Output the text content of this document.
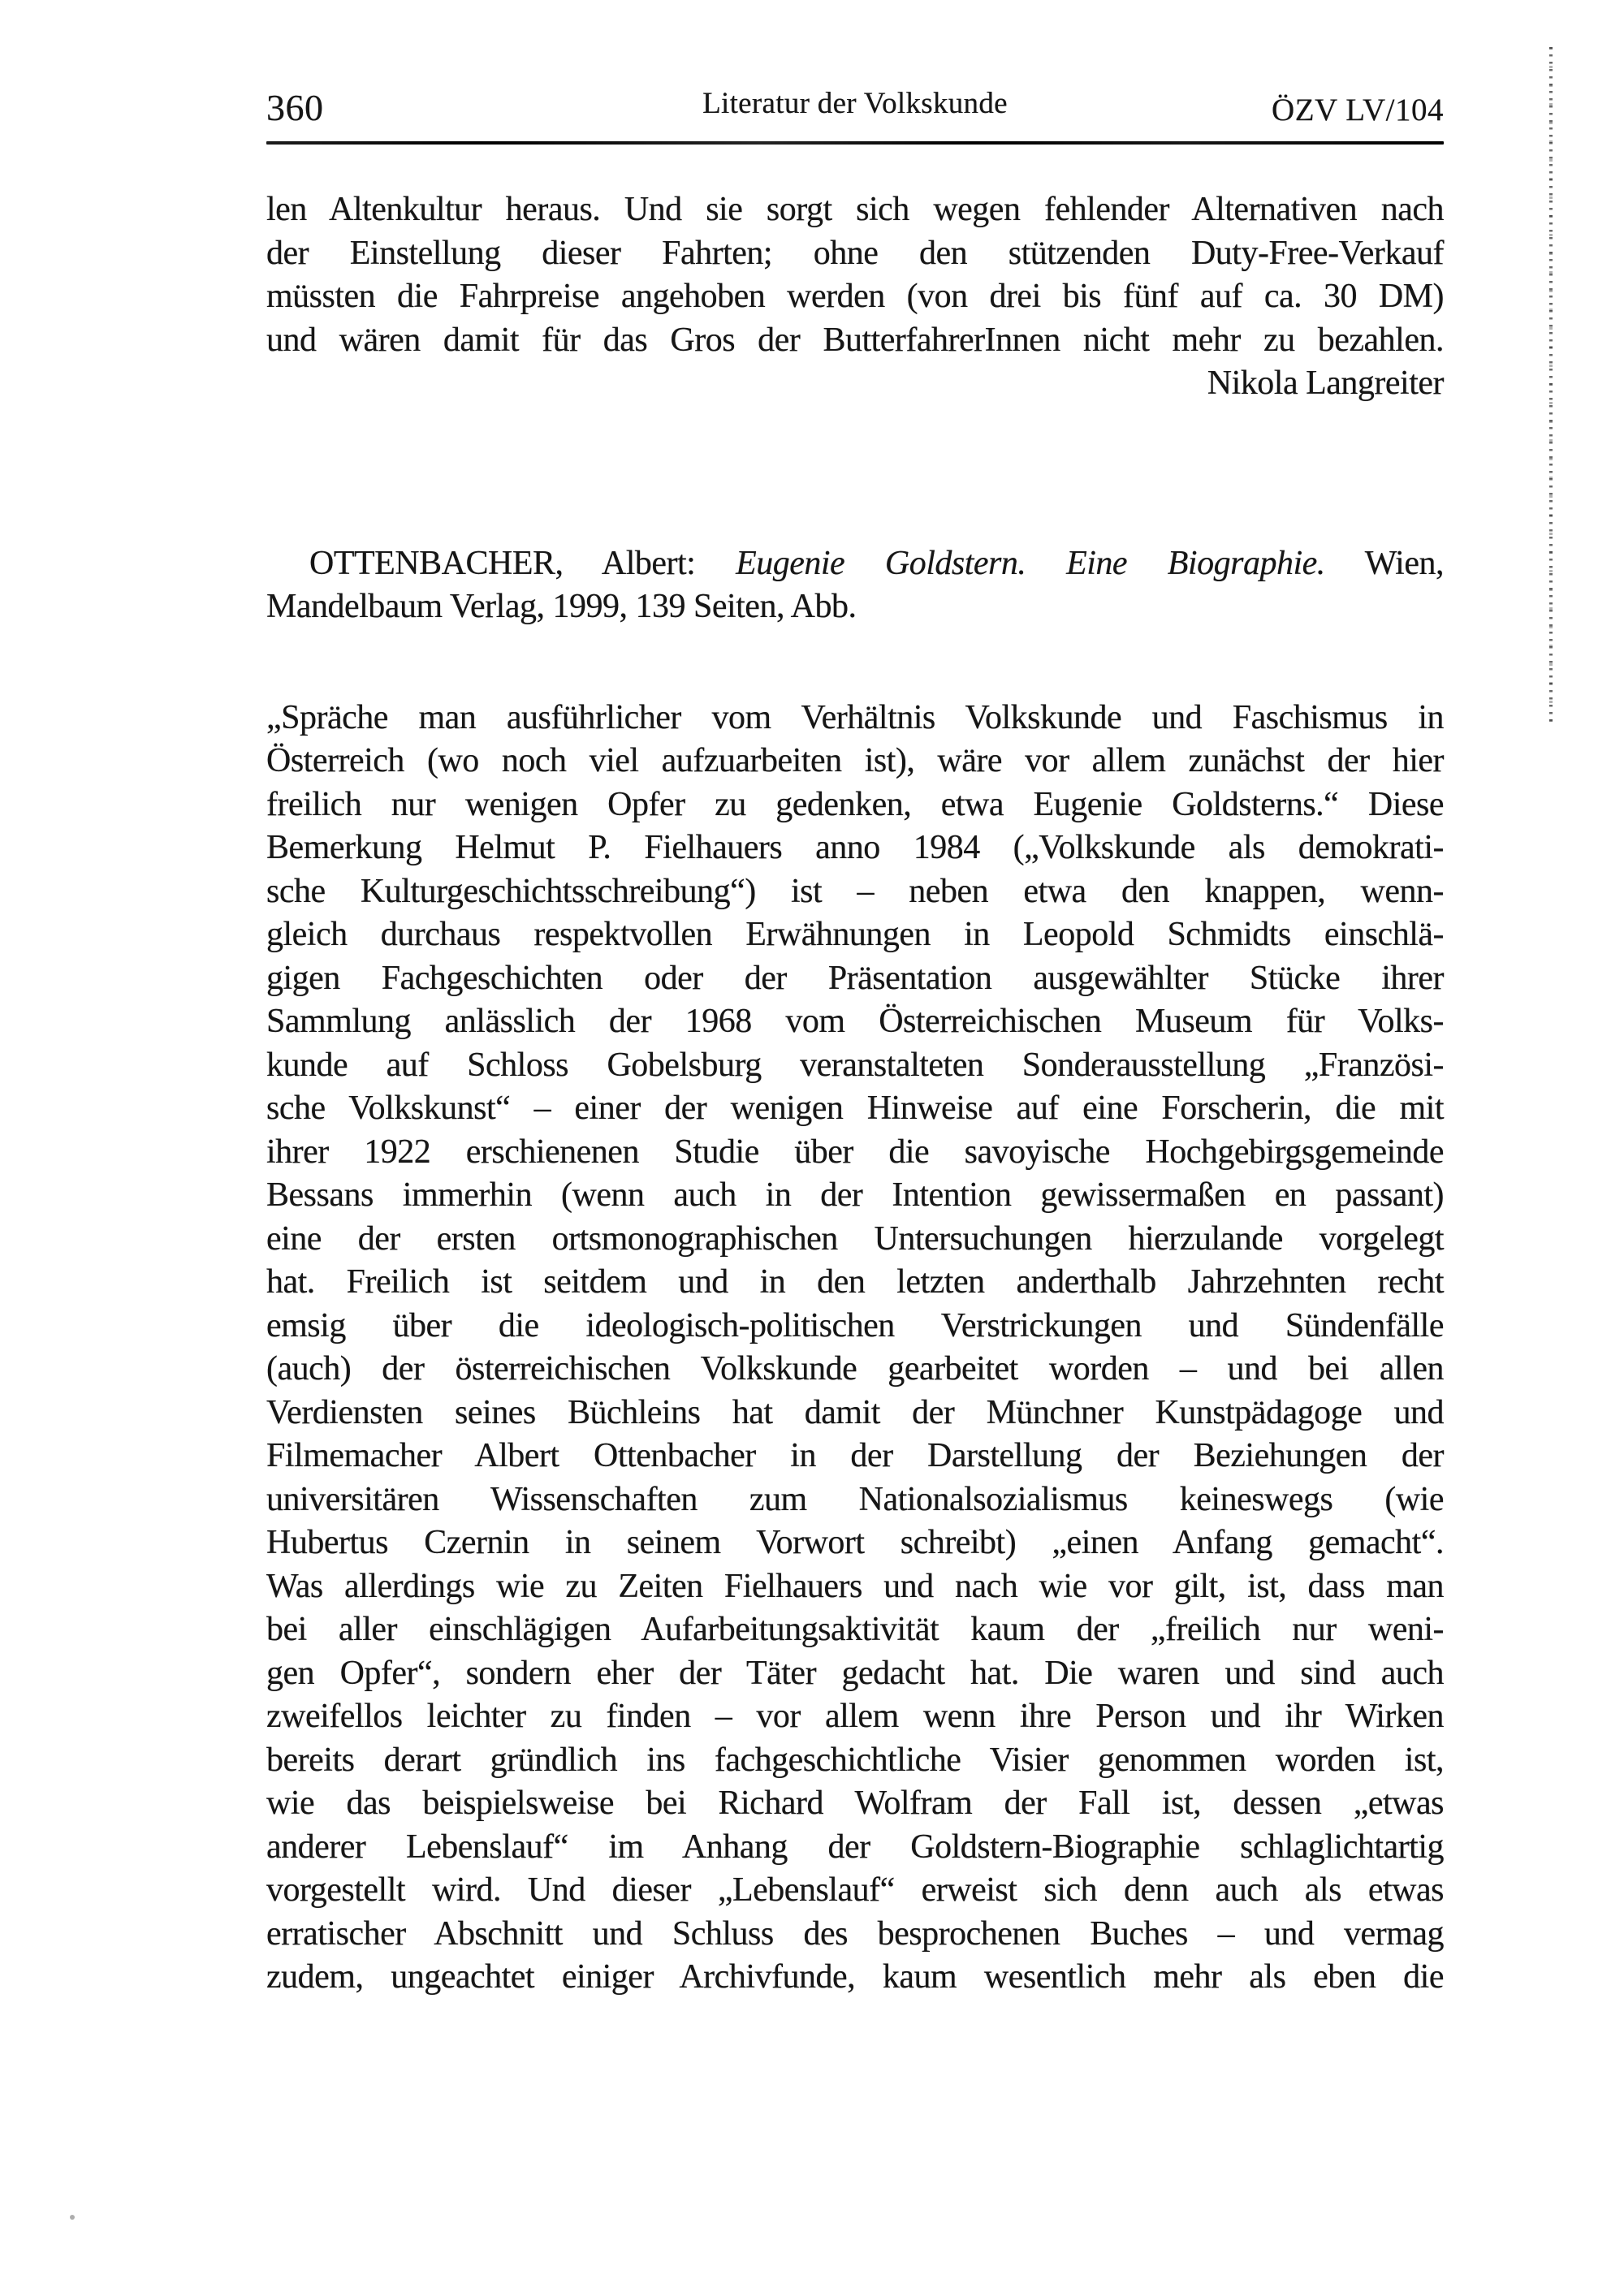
360	Literatur der Volkskunde	ÖZV LV/104
len Altenkultur heraus. Und sie sorgt sich wegen fehlender Alternativen nach
der Einstellung dieser Fahrten; ohne den stützenden Duty-Free-Verkauf
müssten die Fahrpreise angehoben werden (von drei bis fünf auf ca. 30 DM)
und wären damit für das Gros der ButterfahrerInnen nicht mehr zu bezahlen.
Nikola Langreiter
OTTENBACHER, Albert: Eugenie Goldstern. Eine Biographie. Wien,
Mandelbaum Verlag, 1999, 139 Seiten, Abb.
„Spräche man ausführlicher vom Verhältnis Volkskunde und Faschismus in
Österreich (wo noch viel aufzuarbeiten ist), wäre vor allem zunächst der hier
freilich nur wenigen Opfer zu gedenken, etwa Eugenie Goldsterns.“ Diese
Bemerkung Helmut P. Fielhauers anno 1984 („Volkskunde als demokrati-
sche Kulturgeschichtsschreibung“) ist – neben etwa den knappen, wenn-
gleich durchaus respektvollen Erwähnungen in Leopold Schmidts einschlä-
gigen Fachgeschichten oder der Präsentation ausgewählter Stücke ihrer
Sammlung anlässlich der 1968 vom Österreichischen Museum für Volks-
kunde auf Schloss Gobelsburg veranstalteten Sonderausstellung „Französi-
sche Volkskunst“ – einer der wenigen Hinweise auf eine Forscherin, die mit
ihrer 1922 erschienenen Studie über die savoyische Hochgebirgsgemeinde
Bessans immerhin (wenn auch in der Intention gewissermaßen en passant)
eine der ersten ortsmonographischen Untersuchungen hierzulande vorgelegt
hat. Freilich ist seitdem und in den letzten anderthalb Jahrzehnten recht
emsig über die ideologisch-politischen Verstrickungen und Sündenfälle
(auch) der österreichischen Volkskunde gearbeitet worden – und bei allen
Verdiensten seines Büchleins hat damit der Münchner Kunstpädagoge und
Filmemacher Albert Ottenbacher in der Darstellung der Beziehungen der
universitären Wissenschaften zum Nationalsozialismus keineswegs (wie
Hubertus Czernin in seinem Vorwort schreibt) „einen Anfang gemacht“.
Was allerdings wie zu Zeiten Fielhauers und nach wie vor gilt, ist, dass man
bei aller einschlägigen Aufarbeitungsaktivität kaum der „freilich nur weni-
gen Opfer“, sondern eher der Täter gedacht hat. Die waren und sind auch
zweifellos leichter zu finden – vor allem wenn ihre Person und ihr Wirken
bereits derart gründlich ins fachgeschichtliche Visier genommen worden ist,
wie das beispielsweise bei Richard Wolfram der Fall ist, dessen „etwas
anderer Lebenslauf“ im Anhang der Goldstern-Biographie schlaglichtartig
vorgestellt wird. Und dieser „Lebenslauf“ erweist sich denn auch als etwas
erratischer Abschnitt und Schluss des besprochenen Buches – und vermag
zudem, ungeachtet einiger Archivfunde, kaum wesentlich mehr als eben die
